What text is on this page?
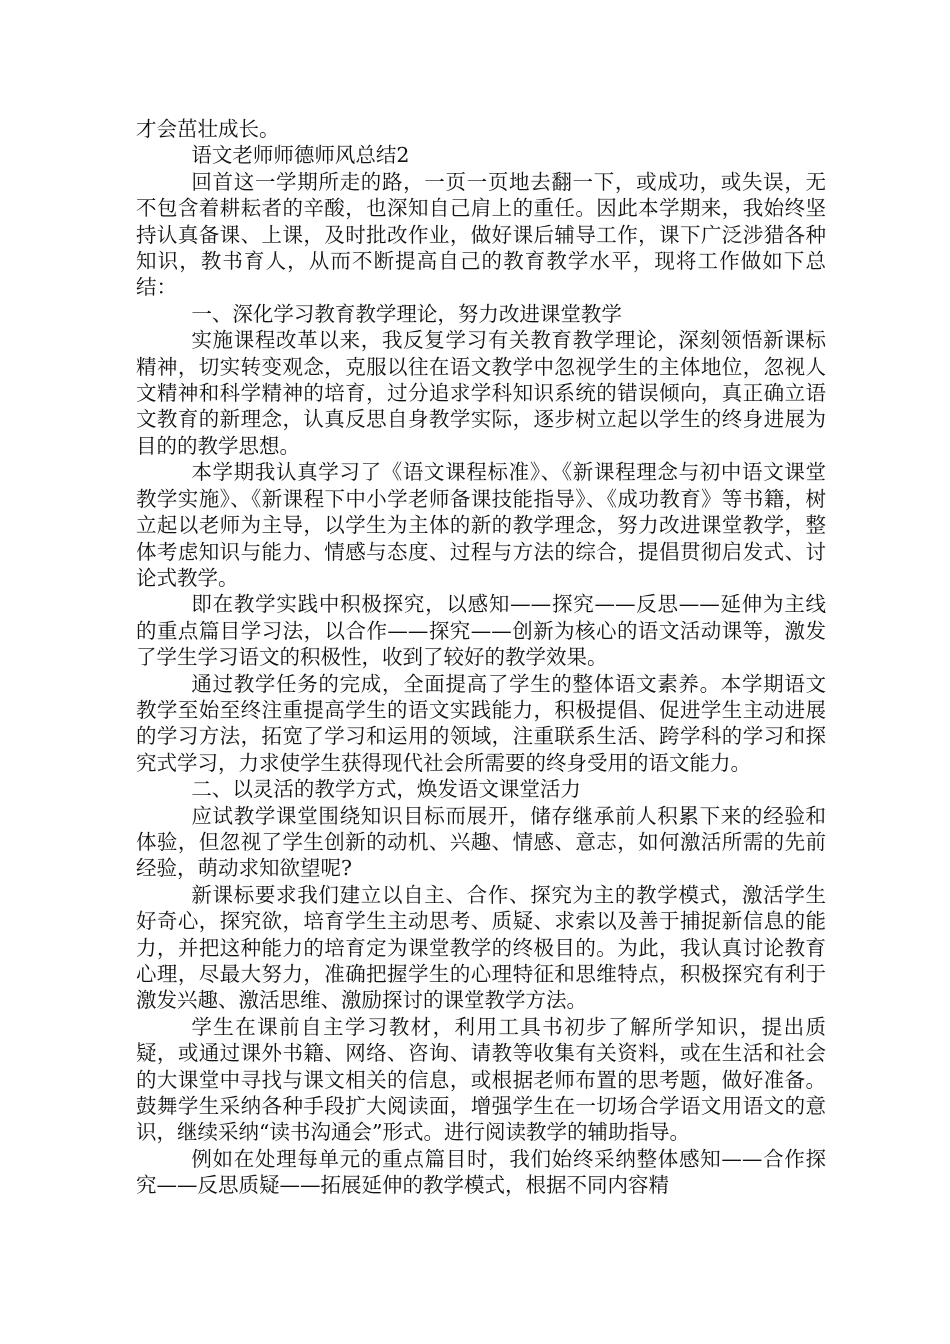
才会茁壮成长。

语文老师师德师风总结2

回首这一学期所走的路，一页一页地去翻一下，或成功，或失误，无不包含着耕耘者的辛酸，也深知自己肩上的重任。因此本学期来，我始终坚持认真备课、上课，及时批改作业，做好课后辅导工作，课下广泛涉猎各种知识，教书育人，从而不断提高自己的教育教学水平，现将工作做如下总结：

一、深化学习教育教学理论，努力改进课堂教学

实施课程改革以来，我反复学习有关教育教学理论，深刻领悟新课标精神，切实转变观念，克服以往在语文教学中忽视学生的主体地位，忽视人文精神和科学精神的培育，过分追求学科知识系统的错误倾向，真正确立语文教育的新理念，认真反思自身教学实际，逐步树立起以学生的终身进展为目的的教学思想。

本学期我认真学习了《语文课程标准》、《新课程理念与初中语文课堂教学实施》、《新课程下中小学老师备课技能指导》、《成功教育》等书籍，树立起以老师为主导，以学生为主体的新的教学理念，努力改进课堂教学，整体考虑知识与能力、情感与态度、过程与方法的综合，提倡贯彻启发式、讨论式教学。

即在教学实践中积极探究，以感知——探究——反思——延伸为主线的重点篇目学习法，以合作——探究——创新为核心的语文活动课等，激发了学生学习语文的积极性，收到了较好的教学效果。

通过教学任务的完成，全面提高了学生的整体语文素养。本学期语文教学至始至终注重提高学生的语文实践能力，积极提倡、促进学生主动进展的学习方法，拓宽了学习和运用的领域，注重联系生活、跨学科的学习和探究式学习，力求使学生获得现代社会所需要的终身受用的语文能力。

二、以灵活的教学方式，焕发语文课堂活力

应试教学课堂围绕知识目标而展开，储存继承前人积累下来的经验和体验，但忽视了学生创新的动机、兴趣、情感、意志，如何激活所需的先前经验，萌动求知欲望呢?

新课标要求我们建立以自主、合作、探究为主的教学模式，激活学生好奇心，探究欲，培育学生主动思考、质疑、求索以及善于捕捉新信息的能力，并把这种能力的培育定为课堂教学的终极目的。为此，我认真讨论教育心理，尽最大努力，准确把握学生的心理特征和思维特点，积极探究有利于激发兴趣、激活思维、激励探讨的课堂教学方法。

学生在课前自主学习教材，利用工具书初步了解所学知识，提出质疑，或通过课外书籍、网络、咨询、请教等收集有关资料，或在生活和社会的大课堂中寻找与课文相关的信息，或根据老师布置的思考题，做好准备。鼓舞学生采纳各种手段扩大阅读面，增强学生在一切场合学语文用语文的意识，继续采纳“读书沟通会”形式。进行阅读教学的辅助指导。

例如在处理每单元的重点篇目时，我们始终采纳整体感知——合作探究——反思质疑——拓展延伸的教学模式，根据不同内容精
